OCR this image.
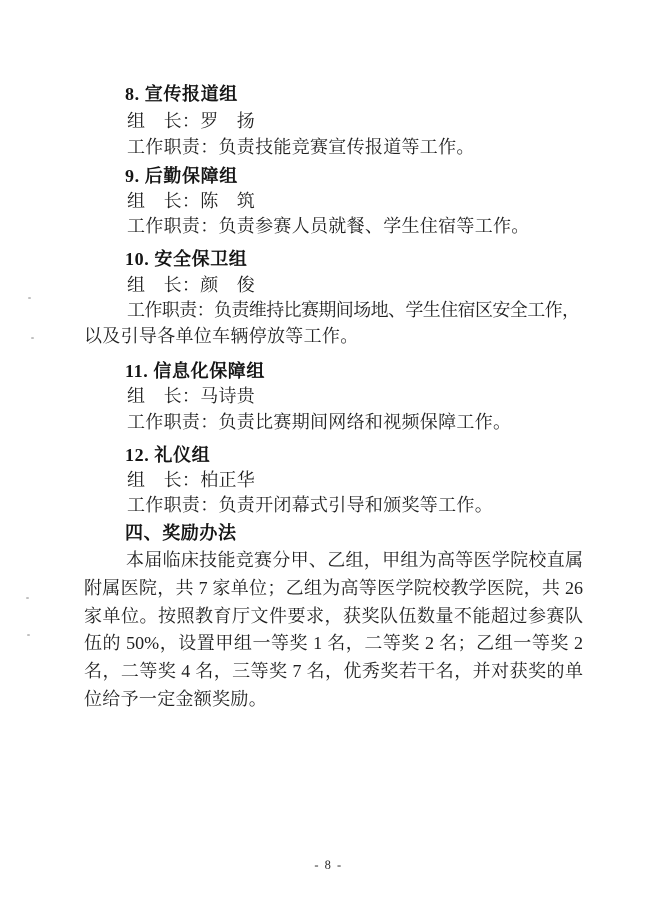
8. 宣传报道组
组　长：罗　扬
工作职责：负责技能竞赛宣传报道等工作。
9. 后勤保障组
组　长：陈　筑
工作职责：负责参赛人员就餐、学生住宿等工作。
10. 安全保卫组
组　长：颜　俊
工作职责：负责维持比赛期间场地、学生住宿区安全工作，
以及引导各单位车辆停放等工作。
11. 信息化保障组
组　长：马诗贵
工作职责：负责比赛期间网络和视频保障工作。
12. 礼仪组
组　长：柏正华
工作职责：负责开闭幕式引导和颁奖等工作。
四、奖励办法
本届临床技能竞赛分甲、乙组，甲组为高等医学院校直属
附属医院，共 7 家单位；乙组为高等医学院校教学医院，共 26
家单位。按照教育厅文件要求，获奖队伍数量不能超过参赛队
伍的 50%，设置甲组一等奖 1 名，二等奖 2 名；乙组一等奖 2
名，二等奖 4 名，三等奖 7 名，优秀奖若干名，并对获奖的单
位给予一定金额奖励。
- 8 -
